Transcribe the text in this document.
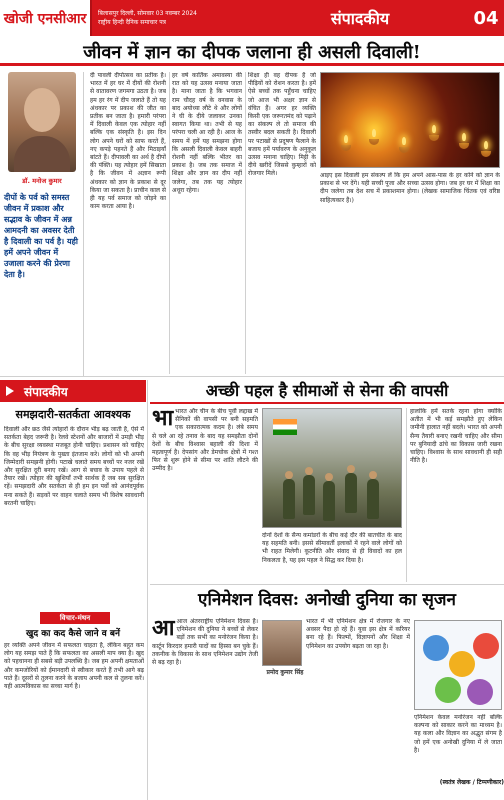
खोजी एनसीआर	बिलासपुर दिल्ली, सोमवार 03 नवम्बर 2024
राष्ट्रीय हिन्दी दैनिक समाचार पत्र	संपादकीय	04
जीवन में ज्ञान का दीपक जलाना ही असली दिवाली!
डॉ. मनोज कुमार
दीपों के पर्व को समस्त जीवन में प्रकाश और सद्भाव के जीवन में अन्न आमदनी का अवसर देती है दिवाली का पर्व है। यही हमें अपने जीवन में उजाला करने की प्रेरणा देता है।
दी पावली दीपोत्सव का प्रतीक है। भारत में हर घर में दीयों की रोशनी से वातावरण जगमगा उठता है। जब हम हर रंग में दीप जलाते हैं तो यह अंधकार पर प्रकाश की जीत का प्रतीक बन जाता है। हमारी परंपरा में दिवाली केवल एक त्योहार नहीं बल्कि एक संस्कृति है। इस दिन लोग अपने घरों को साफ करते हैं, नए कपड़े पहनते हैं और मिठाइयाँ बांटते हैं। दीपावली का अर्थ है दीपों की पंक्ति। यह त्योहार हमें सिखाता है कि जीवन में अज्ञान रूपी अंधकार को ज्ञान के प्रकाश से दूर किया जा सकता है। प्राचीन काल से ही यह पर्व समाज को जोड़ने का काम करता आया है।
हर वर्ष कार्तिक अमावस्या की रात को यह उत्सव मनाया जाता है। माना जाता है कि भगवान राम चौदह वर्ष के वनवास के बाद अयोध्या लौटे थे और लोगों ने घी के दीये जलाकर उनका स्वागत किया था। तभी से यह परंपरा चली आ रही है। आज के समय में हमें यह समझना होगा कि असली दिवाली केवल बाहरी रोशनी नहीं बल्कि भीतर का प्रकाश है। जब तक समाज में शिक्षा और ज्ञान का दीप नहीं जलेगा, तब तक यह त्योहार अधूरा रहेगा।
शिक्षा ही वह दीपक है जो पीढ़ियों को रोशन करता है। हमें ऐसे बच्चों तक पहुँचना चाहिए जो आज भी अक्षर ज्ञान से वंचित हैं। अगर हर व्यक्ति किसी एक जरूरतमंद को पढ़ाने का संकल्प ले तो समाज की तस्वीर बदल सकती है। दिवाली पर पटाखों से प्रदूषण फैलाने के बजाय हमें पर्यावरण के अनुकूल उत्सव मनाना चाहिए। मिट्टी के दीये खरीदें जिससे कुम्हारों को रोजगार मिले।	आइए इस दिवाली हम संकल्प लें कि हम अपने आस-पास के हर कोने को ज्ञान के प्रकाश से भर देंगे। यही सच्ची पूजा और सच्चा उत्सव होगा। जब हर घर में शिक्षा का दीप जलेगा तब देश सच में प्रकाशमान होगा। (लेखक सामाजिक चिंतक एवं वरिष्ठ साहित्यकार हैं।)
संपादकीय
समझदारी-सतर्कता आवश्यक
दिवाली और छठ जैसे त्योहारों के दौरान भीड़ बढ़ जाती है, ऐसे में सतर्कता बेहद जरूरी है। रेलवे स्टेशनों और बाजारों में उमड़ी भीड़ के बीच सुरक्षा व्यवस्था मजबूत होनी चाहिए। प्रशासन को चाहिए कि वह भीड़ नियंत्रण के पुख्ता इंतजाम करे। लोगों को भी अपनी जिम्मेदारी समझनी होगी। पटाखे चलाते समय बच्चों पर नजर रखें और सुरक्षित दूरी बनाए रखें। आग से बचाव के उपाय पहले से तैयार रखें। त्योहार की खुशियाँ तभी सार्थक हैं जब सब सुरक्षित रहें। समझदारी और सतर्कता से ही हम इन पर्वों को आनंदपूर्वक मना सकते हैं। सड़कों पर वाहन चलाते समय भी विशेष सावधानी बरतनी चाहिए।
विचार-मंथन
खुद का कद कैसे जाने व बनें
हर व्यक्ति अपने जीवन में सफलता चाहता है, लेकिन बहुत कम लोग यह समझ पाते हैं कि सफलता का असली माप क्या है। खुद को पहचानना ही सबसे बड़ी उपलब्धि है। जब हम अपनी क्षमताओं और कमजोरियों को ईमानदारी से स्वीकार करते हैं तभी आगे बढ़ पाते हैं। दूसरों से तुलना करने के बजाय अपनी कल से तुलना करें। यही आत्मविकास का सच्चा मार्ग है।
अच्छी पहल है सीमाओं से सेना की वापसी
भा भारत और चीन के बीच पूर्वी लद्दाख में सैनिकों की वापसी पर बनी सहमति एक सकारात्मक कदम है। लंबे समय से चले आ रहे तनाव के बाद यह समझौता दोनों देशों के बीच विश्वास बहाली की दिशा में महत्वपूर्ण है। देपसांग और डेमचोक क्षेत्रों में गश्त फिर से शुरू होने से सीमा पर शांति लौटने की उम्मीद है।
दोनों देशों के सैन्य कमांडरों के बीच कई दौर की बातचीत के बाद यह सहमति बनी। इससे सीमावर्ती इलाकों में रहने वाले लोगों को भी राहत मिलेगी। कूटनीति और संवाद से ही विवादों का हल निकलता है, यह इस पहल ने सिद्ध कर दिया है।
हालांकि हमें सतर्क रहना होगा क्योंकि अतीत में भी कई समझौते हुए लेकिन जमीनी हालात नहीं बदले। भारत को अपनी सैन्य तैयारी बनाए रखनी चाहिए और सीमा पर बुनियादी ढांचे का विकास जारी रखना चाहिए। विश्वास के साथ सावधानी ही सही नीति है।
एनिमेशन दिवस: अनोखी दुनिया का सृजन
आ आज अंतरराष्ट्रीय एनिमेशन दिवस है। एनिमेशन की दुनिया ने बच्चों से लेकर बड़ों तक सभी का मनोरंजन किया है। कार्टून किरदार हमारी यादों का हिस्सा बन चुके हैं। तकनीक के विकास के साथ एनिमेशन उद्योग तेजी से बढ़ रहा है।
प्रमोद कुमार सिंह
भारत में भी एनिमेशन क्षेत्र में रोजगार के नए अवसर पैदा हो रहे हैं। युवा इस क्षेत्र में करियर बना रहे हैं। फिल्मों, विज्ञापनों और शिक्षा में एनिमेशन का उपयोग बढ़ता जा रहा है।
एनिमेशन केवल मनोरंजन नहीं बल्कि कल्पना को साकार करने का माध्यम है। यह कला और विज्ञान का अद्भुत संगम है जो हमें एक अनोखी दुनिया में ले जाता है।
(स्वतंत्र लेखक / टिप्पणीकार)
